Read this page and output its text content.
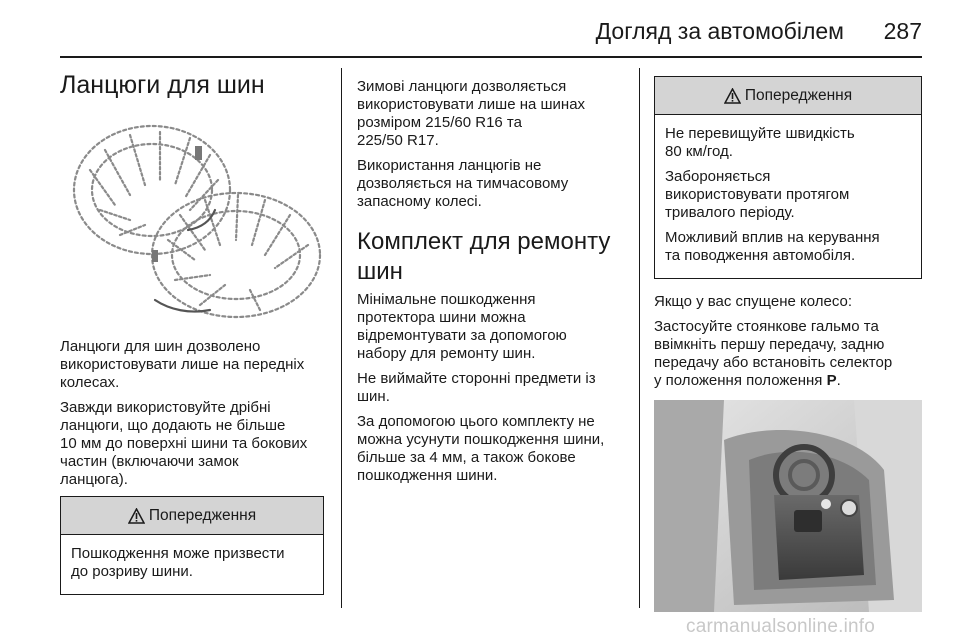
Догляд за автомобілем 287
Ланцюги для шин
Ланцюги для шин дозволено
використовувати лише на передніх
колесах.
Завжди використовуйте дрібні
ланцюги, що додають не більше
10 мм до поверхні шини та бокових
частин (включаючи замок
ланцюга).
Попередження
Пошкодження може призвести
до розриву шини.
Зимові ланцюги дозволяється
використовувати лише на шинах
розміром 215/60 R16 та
225/50 R17.
Використання ланцюгів не
дозволяється на тимчасовому
запасному колесі.
Комплект для ремонту
шин
Мінімальне пошкодження
протектора шини можна
відремонтувати за допомогою
набору для ремонту шин.
Не виймайте сторонні предмети із
шин.
За допомогою цього комплекту не
можна усунути пошкодження шини,
більше за 4 мм, а також бокове
пошкодження шини.
Попередження
Не перевищуйте швидкість
80 км/год.
Забороняється
використовувати протягом
тривалого періоду.
Можливий вплив на керування
та поводження автомобіля.
Якщо у вас спущене колесо:
Застосуйте стоянкове гальмо та
ввімкніть першу передачу, задню
передачу або встановіть селектор
у положення положення P.
carmanualsonline.info
